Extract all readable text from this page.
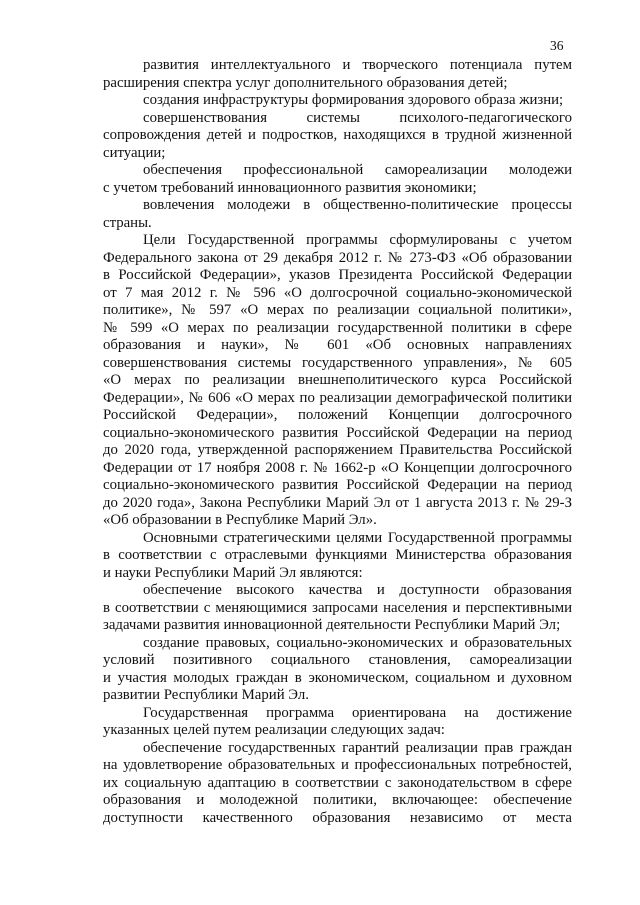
36

развития интеллектуального и творческого потенциала путем
расширения спектра услуг дополнительного образования детей;

создания инфраструктуры формирования здорового образа жизни;

совершенствования системы психолого-педагогического
сопровождения детей и подростков, находящихся в трудной жизненной
ситуации;

обеспечения профессиональной самореализации молодежи
с учетом требований инновационного развития экономики;

вовлечения молодежи в общественно-политические процессы
страны.

Цели Государственной программы сформулированы с учетом
Федерального закона от 29 декабря 2012 г. № 273-ФЗ «Об образовании
в Российской Федерации», указов Президента Российской Федерации
от 7 мая 2012 г. № 596 «О долгосрочной социально-экономической
политике», № 597 «О мерах по реализации социальной политики»,
№ 599 «О мерах по реализации государственной политики в сфере
образования и науки», № 601 «Об основных направлениях
совершенствования системы государственного управления», № 605
«О мерах по реализации внешнеполитического курса Российской
Федерации», № 606 «О мерах по реализации демографической политики
Российской Федерации», положений Концепции долгосрочного
социально-экономического развития Российской Федерации на период
до 2020 года, утвержденной распоряжением Правительства Российской
Федерации от 17 ноября 2008 г. № 1662-р «О Концепции долгосрочного
социально-экономического развития Российской Федерации на период
до 2020 года», Закона Республики Марий Эл от 1 августа 2013 г. № 29-З
«Об образовании в Республике Марий Эл».

Основными стратегическими целями Государственной программы
в соответствии с отраслевыми функциями Министерства образования
и науки Республики Марий Эл являются:

обеспечение высокого качества и доступности образования
в соответствии с меняющимися запросами населения и перспективными
задачами развития инновационной деятельности Республики Марий Эл;

создание правовых, социально-экономических и образовательных
условий позитивного социального становления, самореализации
и участия молодых граждан в экономическом, социальном и духовном
развитии Республики Марий Эл.

Государственная программа ориентирована на достижение
указанных целей путем реализации следующих задач:

обеспечение государственных гарантий реализации прав граждан
на удовлетворение образовательных и профессиональных потребностей,
их социальную адаптацию в соответствии с законодательством в сфере
образования и молодежной политики, включающее: обеспечение
доступности качественного образования независимо от места
